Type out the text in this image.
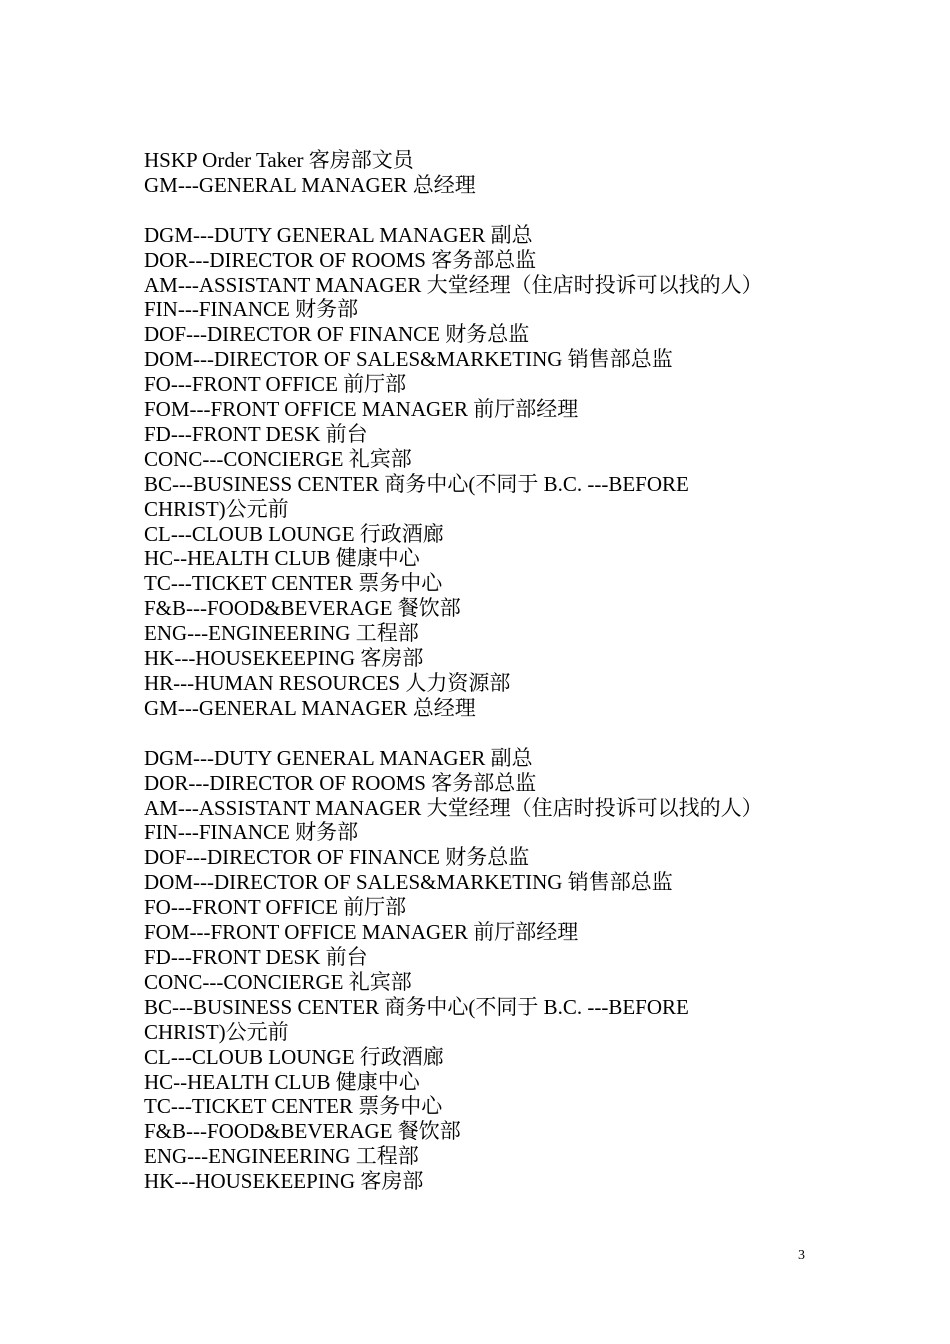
HSKP Order Taker 客房部文员
GM---GENERAL MANAGER 总经理
DGM---DUTY GENERAL MANAGER 副总
DOR---DIRECTOR OF ROOMS 客务部总监
AM---ASSISTANT MANAGER 大堂经理（住店时投诉可以找的人）
FIN---FINANCE 财务部
DOF---DIRECTOR OF FINANCE 财务总监
DOM---DIRECTOR OF SALES&MARKETING 销售部总监
FO---FRONT OFFICE 前厅部
FOM---FRONT OFFICE MANAGER 前厅部经理
FD---FRONT DESK 前台
CONC---CONCIERGE 礼宾部
BC---BUSINESS CENTER 商务中心(不同于 B.C. ---BEFORE
CHRIST)公元前
CL---CLOUB LOUNGE 行政酒廊
HC--HEALTH CLUB 健康中心
TC---TICKET CENTER 票务中心
F&B---FOOD&BEVERAGE 餐饮部
ENG---ENGINEERING 工程部
HK---HOUSEKEEPING 客房部
HR---HUMAN RESOURCES 人力资源部
GM---GENERAL MANAGER 总经理
DGM---DUTY GENERAL MANAGER 副总
DOR---DIRECTOR OF ROOMS 客务部总监
AM---ASSISTANT MANAGER 大堂经理（住店时投诉可以找的人）
FIN---FINANCE 财务部
DOF---DIRECTOR OF FINANCE 财务总监
DOM---DIRECTOR OF SALES&MARKETING 销售部总监
FO---FRONT OFFICE 前厅部
FOM---FRONT OFFICE MANAGER 前厅部经理
FD---FRONT DESK 前台
CONC---CONCIERGE 礼宾部
BC---BUSINESS CENTER 商务中心(不同于 B.C. ---BEFORE
CHRIST)公元前
CL---CLOUB LOUNGE 行政酒廊
HC--HEALTH CLUB 健康中心
TC---TICKET CENTER 票务中心
F&B---FOOD&BEVERAGE 餐饮部
ENG---ENGINEERING 工程部
HK---HOUSEKEEPING 客房部
3
